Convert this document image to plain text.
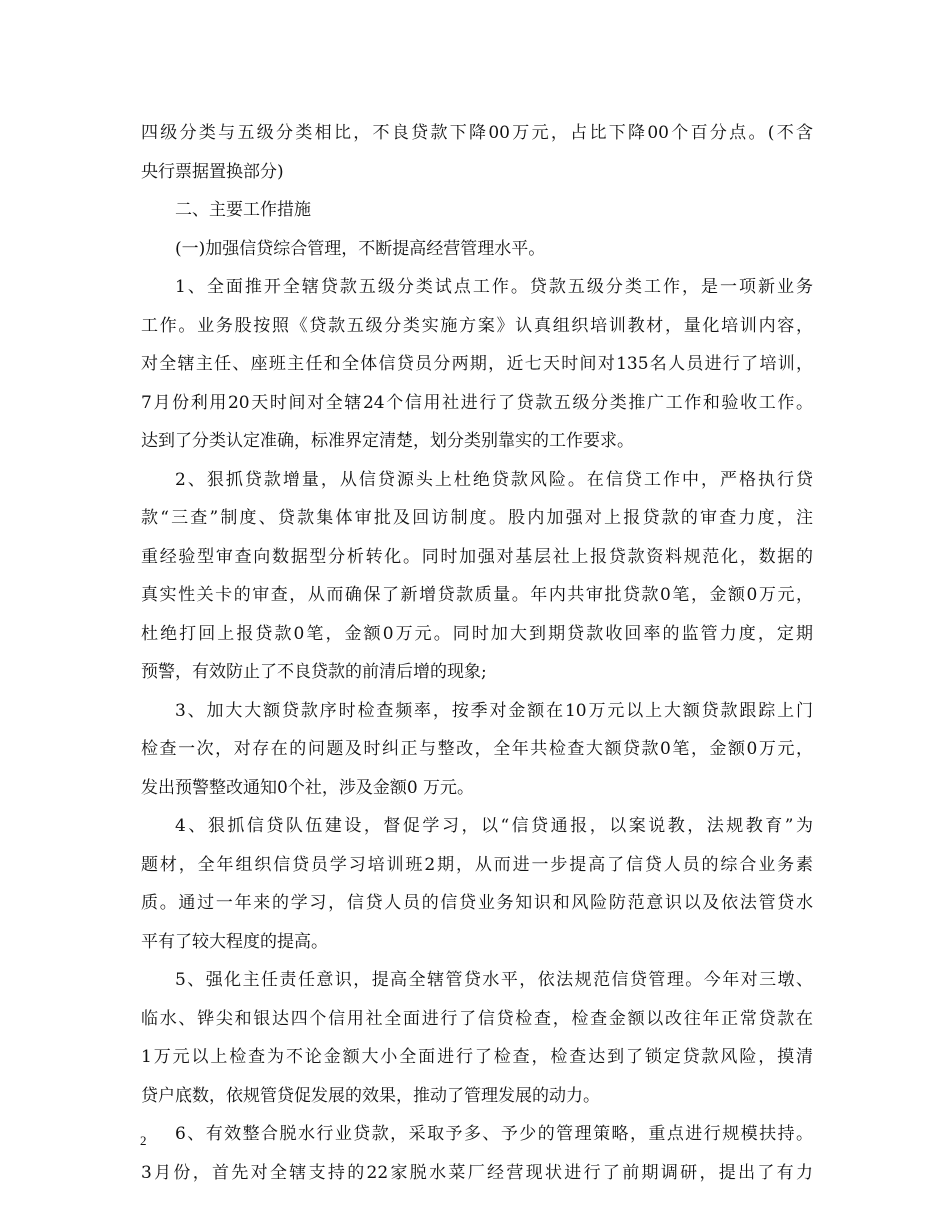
四级分类与五级分类相比，不良贷款下降00万元，占比下降00个百分点。(不含
央行票据置换部分)
二、主要工作措施
(一)加强信贷综合管理，不断提高经营管理水平。
1、全面推开全辖贷款五级分类试点工作。贷款五级分类工作，是一项新业务
工作。业务股按照《贷款五级分类实施方案》认真组织培训教材，量化培训内容，
对全辖主任、座班主任和全体信贷员分两期，近七天时间对135名人员进行了培训，
7月份利用20天时间对全辖24个信用社进行了贷款五级分类推广工作和验收工作。
达到了分类认定准确，标准界定清楚，划分类别靠实的工作要求。
2、狠抓贷款增量，从信贷源头上杜绝贷款风险。在信贷工作中，严格执行贷
款“三查”制度、贷款集体审批及回访制度。股内加强对上报贷款的审查力度，注
重经验型审查向数据型分析转化。同时加强对基层社上报贷款资料规范化，数据的
真实性关卡的审查，从而确保了新增贷款质量。年内共审批贷款0笔，金额0万元，
杜绝打回上报贷款0笔，金额0万元。同时加大到期贷款收回率的监管力度，定期
预警，有效防止了不良贷款的前清后增的现象;
3、加大大额贷款序时检查频率，按季对金额在10万元以上大额贷款跟踪上门
检查一次，对存在的问题及时纠正与整改，全年共检查大额贷款0笔，金额0万元，
发出预警整改通知0个社，涉及金额0 万元。
4、狠抓信贷队伍建设，督促学习，以“信贷通报，以案说教，法规教育”为
题材，全年组织信贷员学习培训班2期，从而进一步提高了信贷人员的综合业务素
质。通过一年来的学习，信贷人员的信贷业务知识和风险防范意识以及依法管贷水
平有了较大程度的提高。
5、强化主任责任意识，提高全辖管贷水平，依法规范信贷管理。今年对三墩、
临水、铧尖和银达四个信用社全面进行了信贷检查，检查金额以改往年正常贷款在
1万元以上检查为不论金额大小全面进行了检查，检查达到了锁定贷款风险，摸清
贷户底数，依规管贷促发展的效果，推动了管理发展的动力。
6、有效整合脱水行业贷款，采取予多、予少的管理策略，重点进行规模扶持。
3月份，首先对全辖支持的22家脱水菜厂经营现状进行了前期调研，提出了有力
2
